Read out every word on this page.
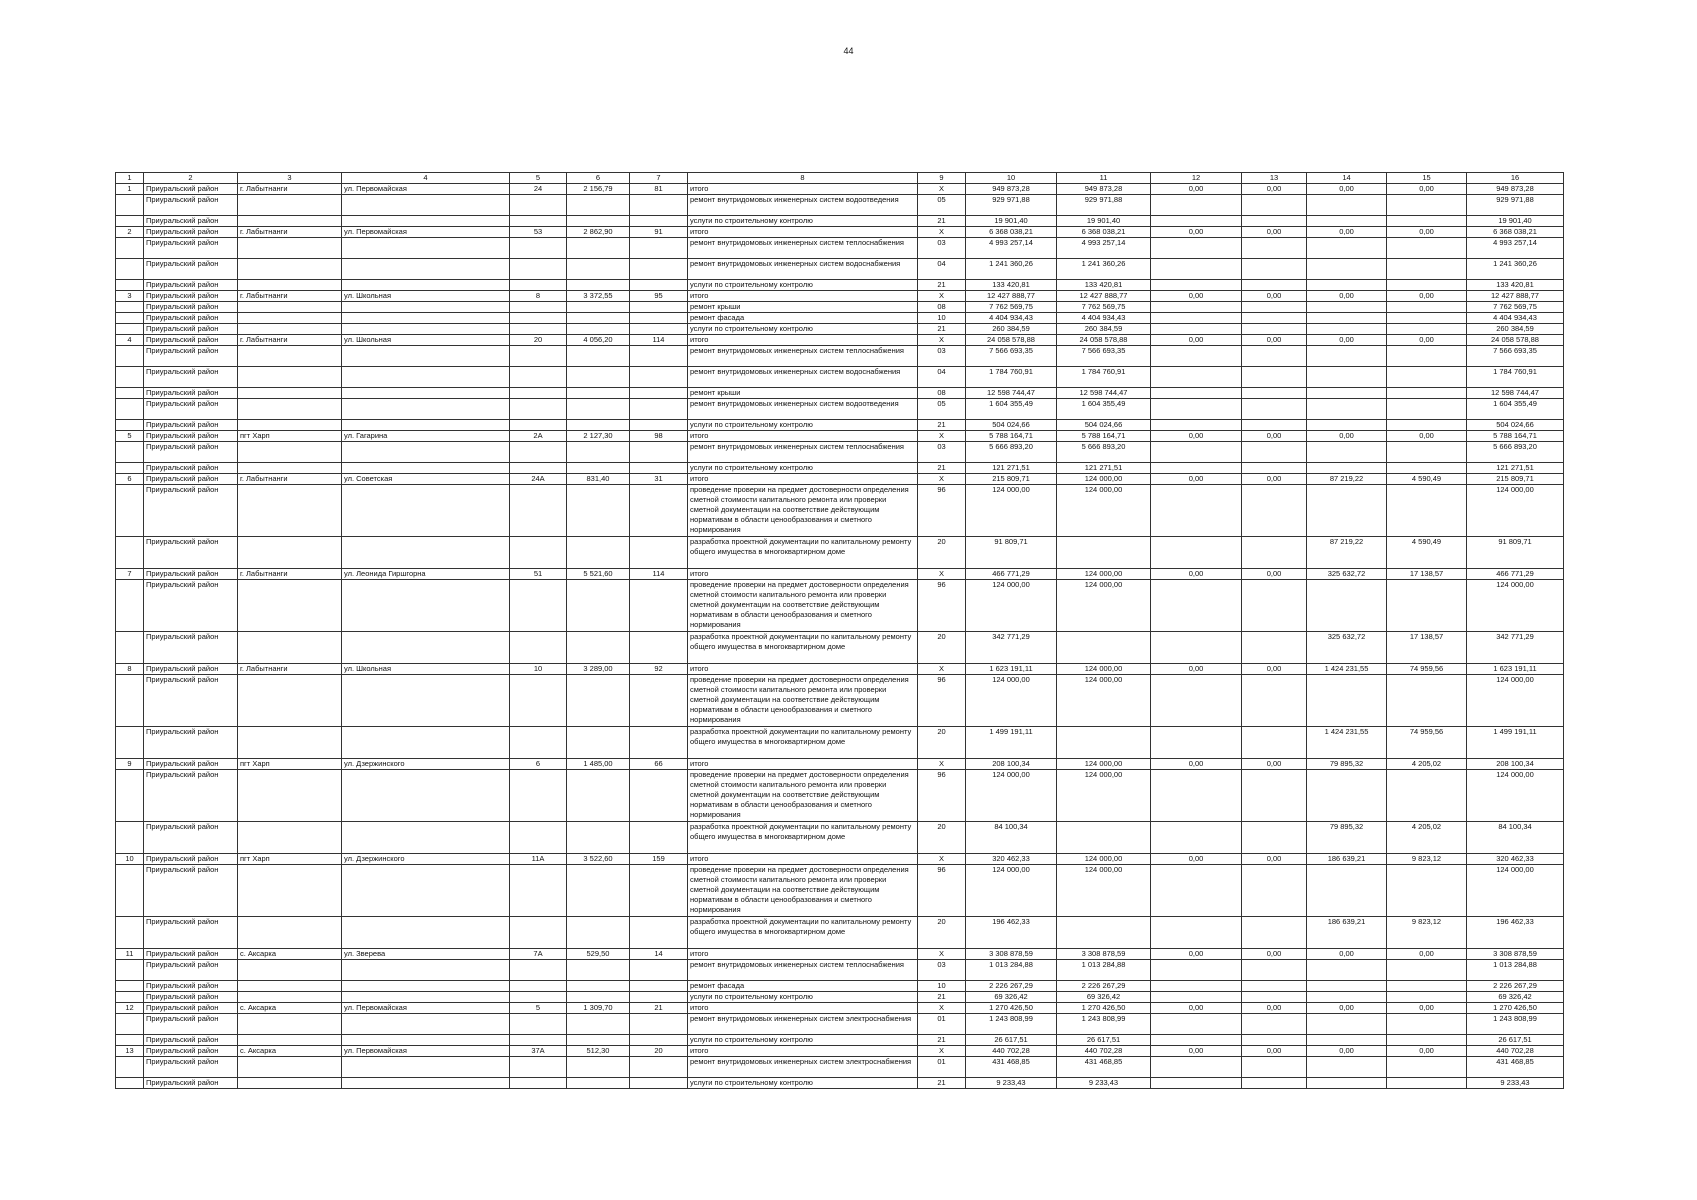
44
1	2	3	4	5	6	7	8	9	10	11	12	13	14	15	16
1	Приуральский район	г. Лабытнанги	ул. Первомайская	24	2 156,79	81	итого	X	949 873,28	949 873,28	0,00	0,00	0,00	0,00	949 873,28
	Приуральский район						ремонт внутридомовых инженерных систем водоотведения	05	929 971,88	929 971,88					929 971,88
	Приуральский район						услуги по строительному контролю	21	19 901,40	19 901,40					19 901,40
2	Приуральский район	г. Лабытнанги	ул. Первомайская	53	2 862,90	91	итого	X	6 368 038,21	6 368 038,21	0,00	0,00	0,00	0,00	6 368 038,21
	Приуральский район						ремонт внутридомовых инженерных систем теплоснабжения	03	4 993 257,14	4 993 257,14					4 993 257,14
	Приуральский район						ремонт внутридомовых инженерных систем водоснабжения	04	1 241 360,26	1 241 360,26					1 241 360,26
	Приуральский район						услуги по строительному контролю	21	133 420,81	133 420,81					133 420,81
3	Приуральский район	г. Лабытнанги	ул. Школьная	8	3 372,55	95	итого	X	12 427 888,77	12 427 888,77	0,00	0,00	0,00	0,00	12 427 888,77
	Приуральский район						ремонт крыши	08	7 762 569,75	7 762 569,75					7 762 569,75
	Приуральский район						ремонт фасада	10	4 404 934,43	4 404 934,43					4 404 934,43
	Приуральский район						услуги по строительному контролю	21	260 384,59	260 384,59					260 384,59
4	Приуральский район	г. Лабытнанги	ул. Школьная	20	4 056,20	114	итого	X	24 058 578,88	24 058 578,88	0,00	0,00	0,00	0,00	24 058 578,88
	Приуральский район						ремонт внутридомовых инженерных систем теплоснабжения	03	7 566 693,35	7 566 693,35					7 566 693,35
	Приуральский район						ремонт внутридомовых инженерных систем водоснабжения	04	1 784 760,91	1 784 760,91					1 784 760,91
	Приуральский район						ремонт крыши	08	12 598 744,47	12 598 744,47					12 598 744,47
	Приуральский район						ремонт внутридомовых инженерных систем водоотведения	05	1 604 355,49	1 604 355,49					1 604 355,49
	Приуральский район						услуги по строительному контролю	21	504 024,66	504 024,66					504 024,66
5	Приуральский район	пгт Харп	ул. Гагарина	2А	2 127,30	98	итого	X	5 788 164,71	5 788 164,71	0,00	0,00	0,00	0,00	5 788 164,71
	Приуральский район						ремонт внутридомовых инженерных систем теплоснабжения	03	5 666 893,20	5 666 893,20					5 666 893,20
	Приуральский район						услуги по строительному контролю	21	121 271,51	121 271,51					121 271,51
6	Приуральский район	г. Лабытнанги	ул. Советская	24А	831,40	31	итого	X	215 809,71	124 000,00	0,00	0,00	87 219,22	4 590,49	215 809,71
	Приуральский район						проведение проверки на предмет достоверности определения сметной стоимости капитального ремонта или проверки сметной документации на соответствие действующим нормативам в области ценообразования и сметного нормирования	96	124 000,00	124 000,00					124 000,00
	Приуральский район						разработка проектной документации по капитальному ремонту общего имущества в многоквартирном доме	20	91 809,71				87 219,22	4 590,49	91 809,71
7	Приуральский район	г. Лабытнанги	ул. Леонида Гиршгорна	51	5 521,60	114	итого	X	466 771,29	124 000,00	0,00	0,00	325 632,72	17 138,57	466 771,29
	Приуральский район						проведение проверки на предмет достоверности определения сметной стоимости капитального ремонта или проверки сметной документации на соответствие действующим нормативам в области ценообразования и сметного нормирования	96	124 000,00	124 000,00					124 000,00
	Приуральский район						разработка проектной документации по капитальному ремонту общего имущества в многоквартирном доме	20	342 771,29				325 632,72	17 138,57	342 771,29
8	Приуральский район	г. Лабытнанги	ул. Школьная	10	3 289,00	92	итого	X	1 623 191,11	124 000,00	0,00	0,00	1 424 231,55	74 959,56	1 623 191,11
	Приуральский район						проведение проверки на предмет достоверности определения сметной стоимости капитального ремонта или проверки сметной документации на соответствие действующим нормативам в области ценообразования и сметного нормирования	96	124 000,00	124 000,00					124 000,00
	Приуральский район						разработка проектной документации по капитальному ремонту общего имущества в многоквартирном доме	20	1 499 191,11				1 424 231,55	74 959,56	1 499 191,11
9	Приуральский район	пгт Харп	ул. Дзержинского	6	1 485,00	66	итого	X	208 100,34	124 000,00	0,00	0,00	79 895,32	4 205,02	208 100,34
	Приуральский район						проведение проверки на предмет достоверности определения сметной стоимости капитального ремонта или проверки сметной документации на соответствие действующим нормативам в области ценообразования и сметного нормирования	96	124 000,00	124 000,00					124 000,00
	Приуральский район						разработка проектной документации по капитальному ремонту общего имущества в многоквартирном доме	20	84 100,34				79 895,32	4 205,02	84 100,34
10	Приуральский район	пгт Харп	ул. Дзержинского	11А	3 522,60	159	итого	X	320 462,33	124 000,00	0,00	0,00	186 639,21	9 823,12	320 462,33
	Приуральский район						проведение проверки на предмет достоверности определения сметной стоимости капитального ремонта или проверки сметной документации на соответствие действующим нормативам в области ценообразования и сметного нормирования	96	124 000,00	124 000,00					124 000,00
	Приуральский район						разработка проектной документации по капитальному ремонту общего имущества в многоквартирном доме	20	196 462,33				186 639,21	9 823,12	196 462,33
11	Приуральский район	с. Аксарка	ул. Зверева	7А	529,50	14	итого	X	3 308 878,59	3 308 878,59	0,00	0,00	0,00	0,00	3 308 878,59
	Приуральский район						ремонт внутридомовых инженерных систем теплоснабжения	03	1 013 284,88	1 013 284,88					1 013 284,88
	Приуральский район						ремонт фасада	10	2 226 267,29	2 226 267,29					2 226 267,29
	Приуральский район						услуги по строительному контролю	21	69 326,42	69 326,42					69 326,42
12	Приуральский район	с. Аксарка	ул. Первомайская	5	1 309,70	21	итого	X	1 270 426,50	1 270 426,50	0,00	0,00	0,00	0,00	1 270 426,50
	Приуральский район						ремонт внутридомовых инженерных систем электроснабжения	01	1 243 808,99	1 243 808,99					1 243 808,99
	Приуральский район						услуги по строительному контролю	21	26 617,51	26 617,51					26 617,51
13	Приуральский район	с. Аксарка	ул. Первомайская	37А	512,30	20	итого	X	440 702,28	440 702,28	0,00	0,00	0,00	0,00	440 702,28
	Приуральский район						ремонт внутридомовых инженерных систем электроснабжения	01	431 468,85	431 468,85					431 468,85
	Приуральский район						услуги по строительному контролю	21	9 233,43	9 233,43					9 233,43
